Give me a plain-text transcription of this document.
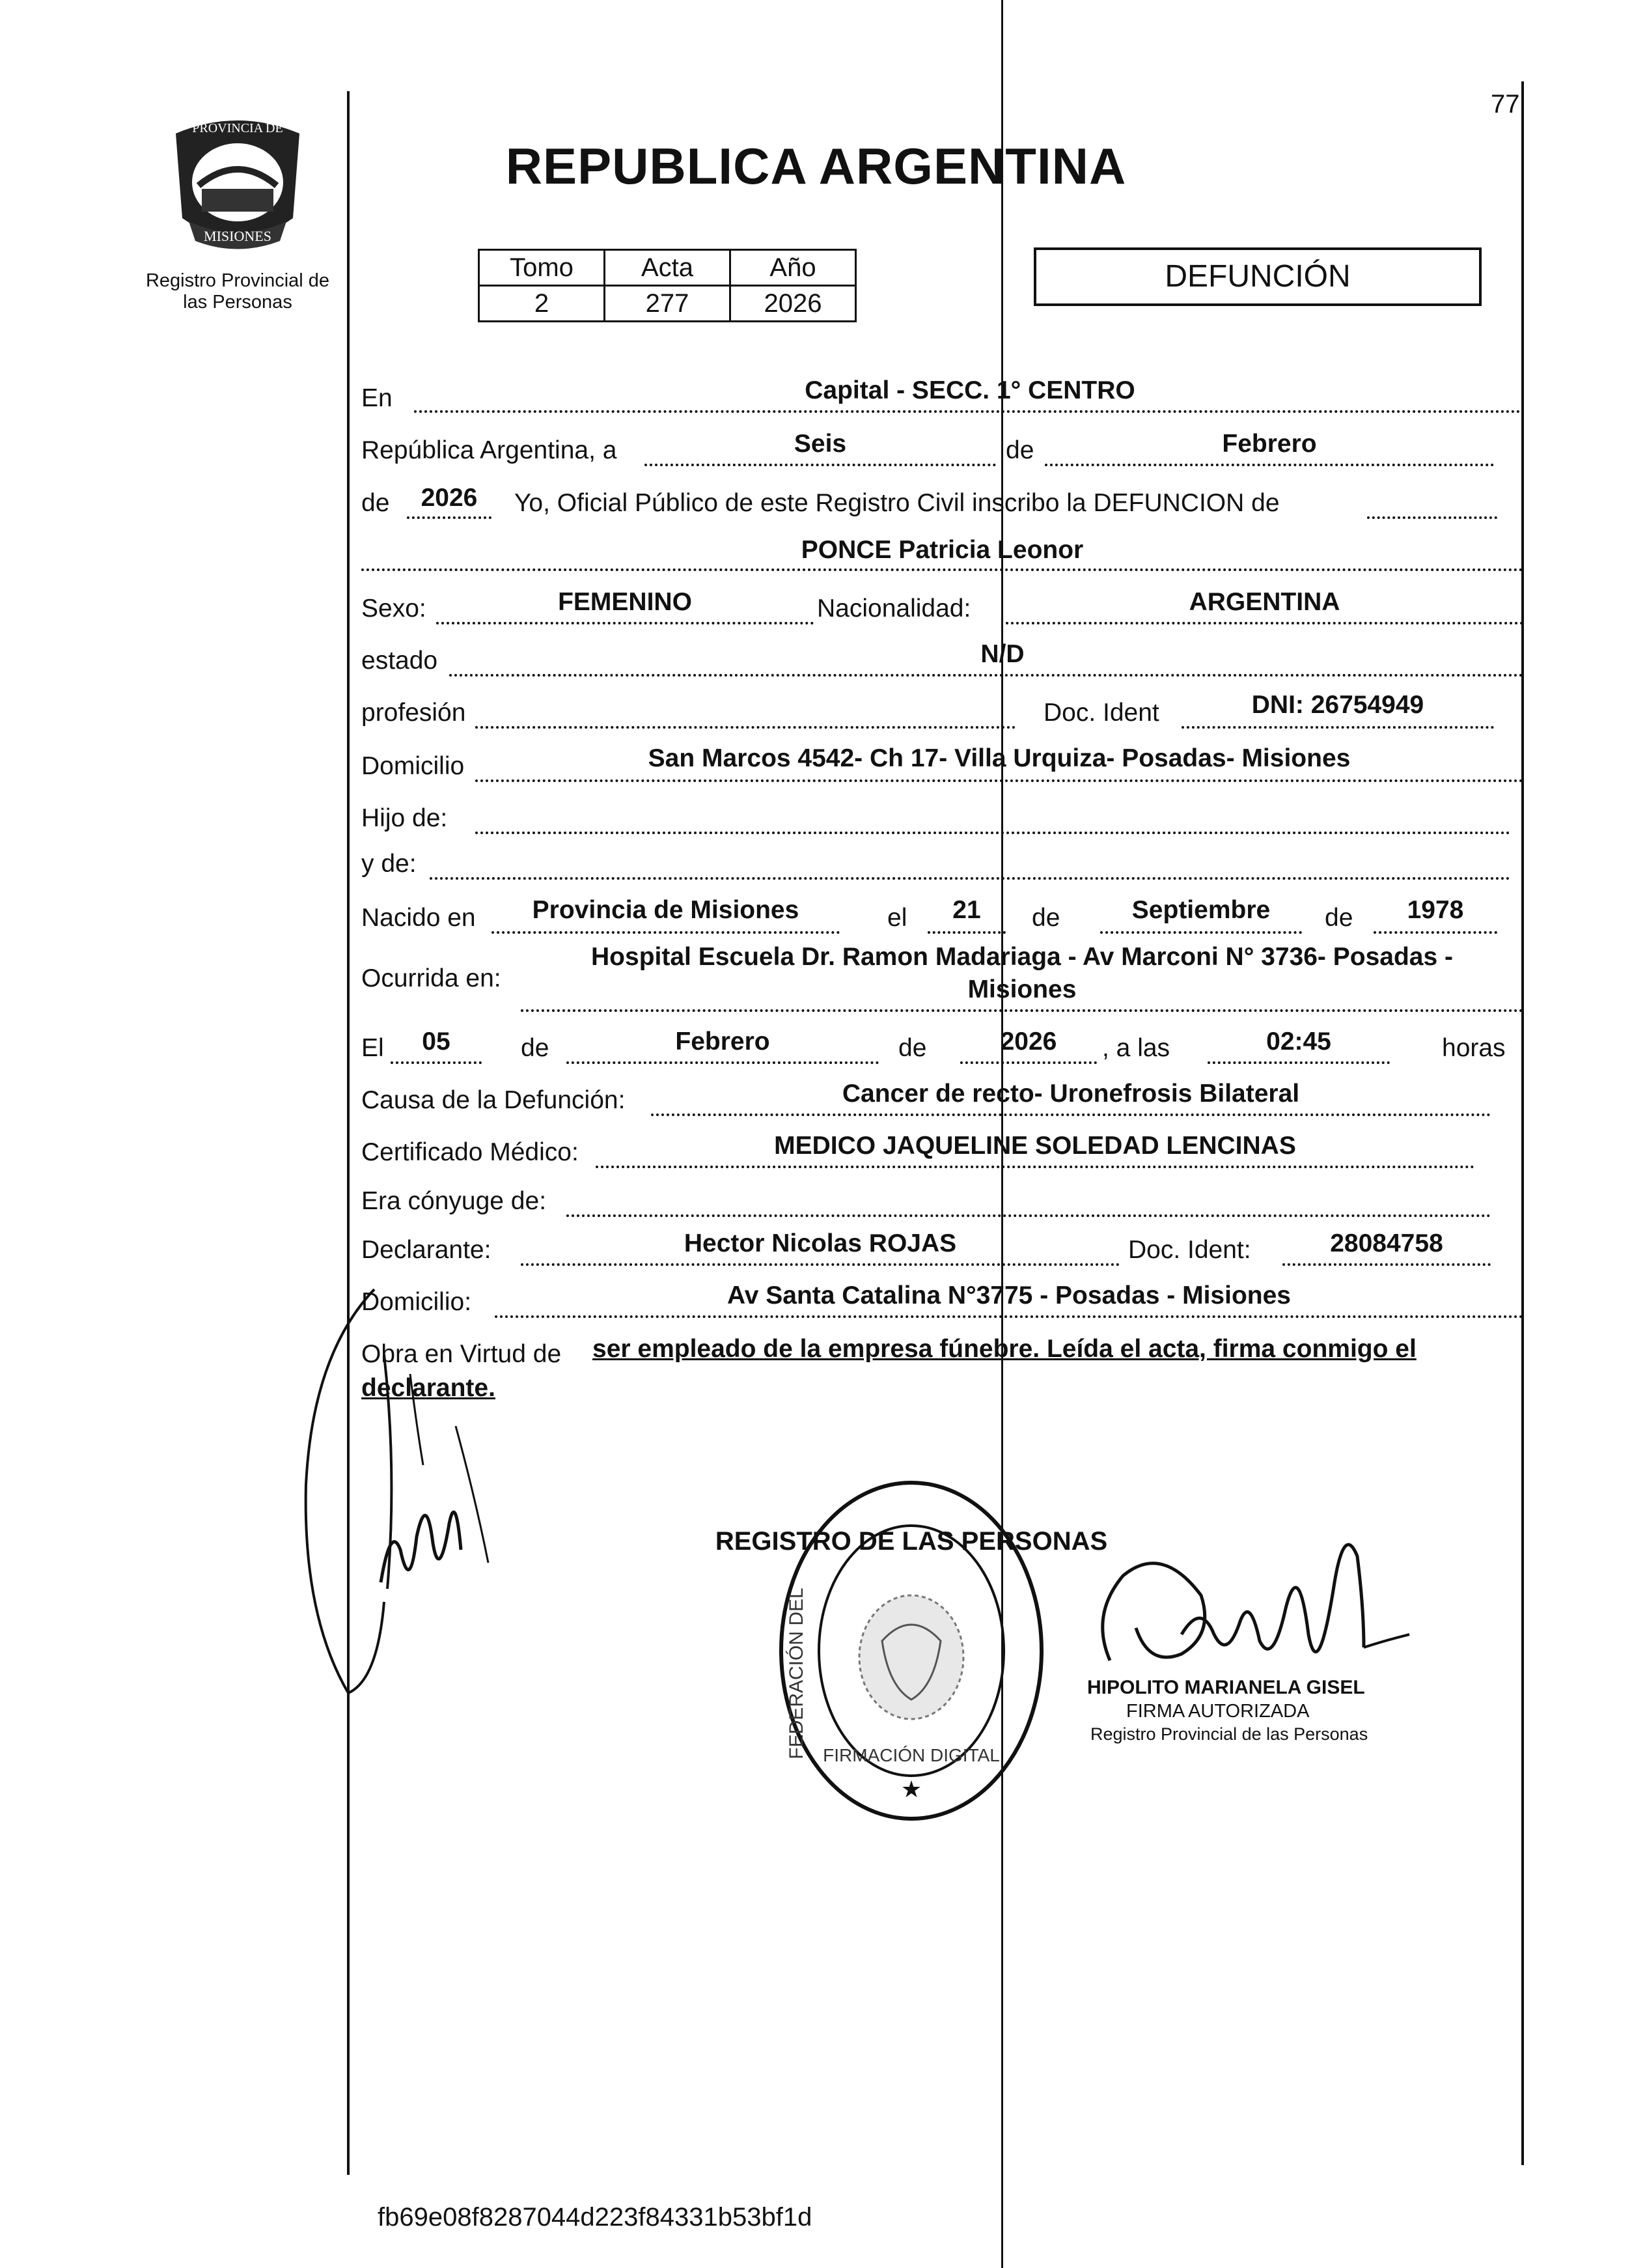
77
PROVINCIA DE
MISIONES
Registro Provincial de las Personas
REPUBLICA ARGENTINA
Tomo	Acta	Año
2	277	2026
DEFUNCIÓN
En	Capital - SECC. 1° CENTRO
República Argentina, a	Seis	de	Febrero
de	2026	Yo, Oficial Público de este Registro Civil inscribo la DEFUNCION de
PONCE Patricia Leonor
Sexo:	FEMENINO	Nacionalidad:	ARGENTINA
estado	N/D
profesión	Doc. Ident	DNI: 26754949
Domicilio	San Marcos 4542- Ch 17- Villa Urquiza- Posadas- Misiones
Hijo de:
y de:
Nacido en	Provincia de Misiones	el	21	de	Septiembre	de	1978
Ocurrida en:
Hospital Escuela Dr. Ramon Madariaga - Av Marconi N° 3736- Posadas -
Misiones
El	05	de	Febrero	de	2026	, a las	02:45	horas
Causa de la Defunción:	Cancer de recto- Uronefrosis Bilateral
Certificado Médico:	MEDICO JAQUELINE SOLEDAD LENCINAS
Era cónyuge de:
Declarante:	Hector Nicolas ROJAS	Doc. Ident:	28084758
Domicilio:	Av Santa Catalina N°3775 - Posadas - Misiones
Obra en Virtud de ser empleado de la empresa fúnebre. Leída el acta, firma conmigo el
declarante.
REGISTRO DE LAS PERSONAS
FEDERACIÓN DEL FIRMACIÓN DIGITAL
★
HIPOLITO MARIANELA GISEL
FIRMA AUTORIZADA
Registro Provincial de las Personas
fb69e08f8287044d223f84331b53bf1d
